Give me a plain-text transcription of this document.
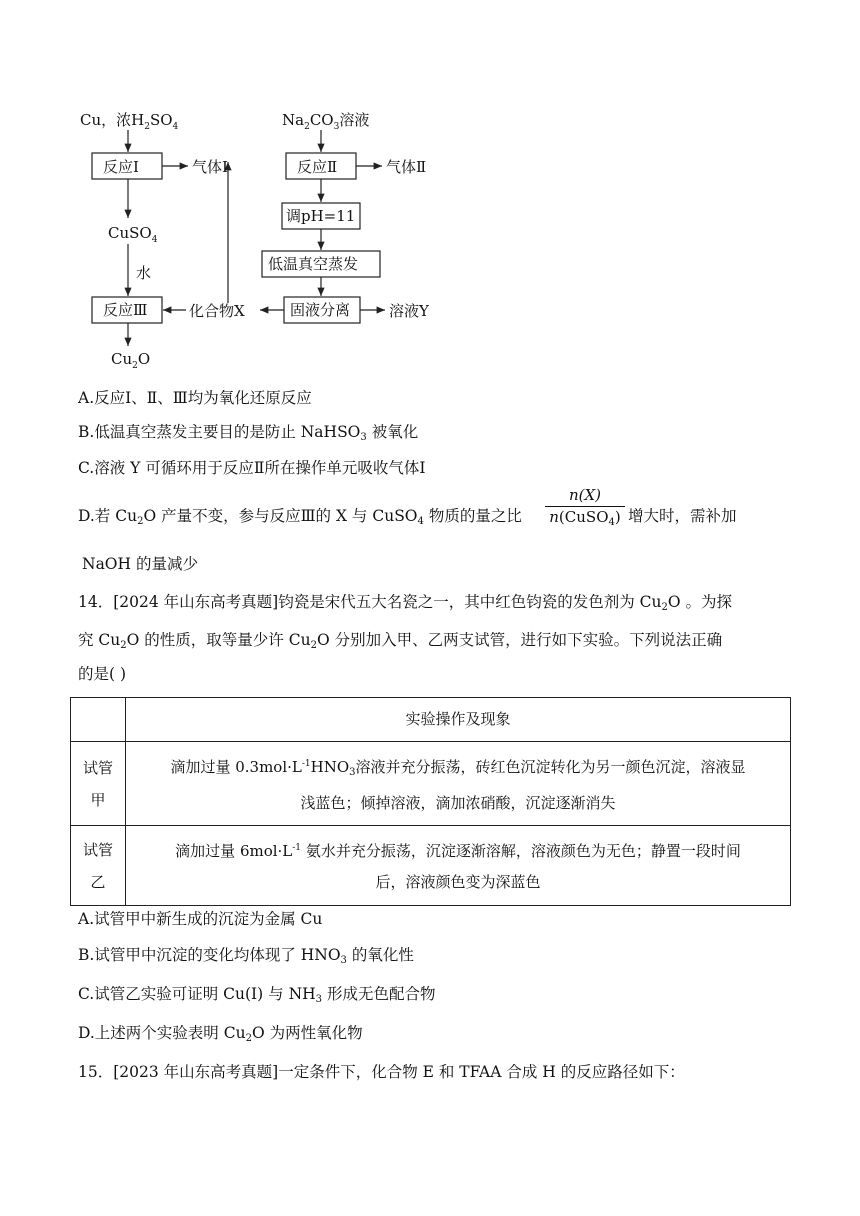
Cu，浓$H_2SO_4$	$Na_2CO_3$溶液
反应Ⅰ	气体Ⅰ	反应Ⅱ	气体Ⅱ
调pH=11
低温真空蒸发
固液分离	溶液Y
化合物X
反应Ⅲ
CuSO$_4$
水
$Cu_2O$
A.反应Ⅰ、Ⅱ、Ⅲ均为氧化还原反应
B.低温真空蒸发主要目的是防止 NaHSO$_3$ 被氧化
C.溶液 Y 可循环用于反应Ⅱ所在操作单元吸收气体Ⅰ
D.若 $Cu_2O$ 产量不变，参与反应Ⅲ的 X 与 CuSO$_4$ 物质的量之比
n(X)
n(CuSO$_4$) 增大时，需补加
NaOH 的量减少
14．[2024 年山东高考真题]钧瓷是宋代五大名瓷之一，其中红色钧瓷的发色剂为 $Cu_2O$ 。为探
究 $Cu_2O$ 的性质，取等量少许 $Cu_2O$ 分别加入甲、乙两支试管，进行如下实验。下列说法正确
的是( )
	实验操作及现象
试管
甲	滴加过量 $0.3mol\cdot L^{-1}HNO_3$溶液并充分振荡，砖红色沉淀转化为另一颜色沉淀，溶液显
浅蓝色；倾掉溶液，滴加浓硝酸，沉淀逐渐消失
试管
乙	滴加过量 $6mol\cdot L^{-1}$ 氨水并充分振荡，沉淀逐渐溶解，溶液颜色为无色；静置一段时间
后，溶液颜色变为深蓝色
A.试管甲中新生成的沉淀为金属 Cu
B.试管甲中沉淀的变化均体现了 $HNO_3$ 的氧化性
C.试管乙实验可证明 Cu(I) 与 $NH_3$ 形成无色配合物
D.上述两个实验表明 $Cu_2O$ 为两性氧化物
15．[2023 年山东高考真题]一定条件下，化合物 E 和 TFAA 合成 H 的反应路径如下：
